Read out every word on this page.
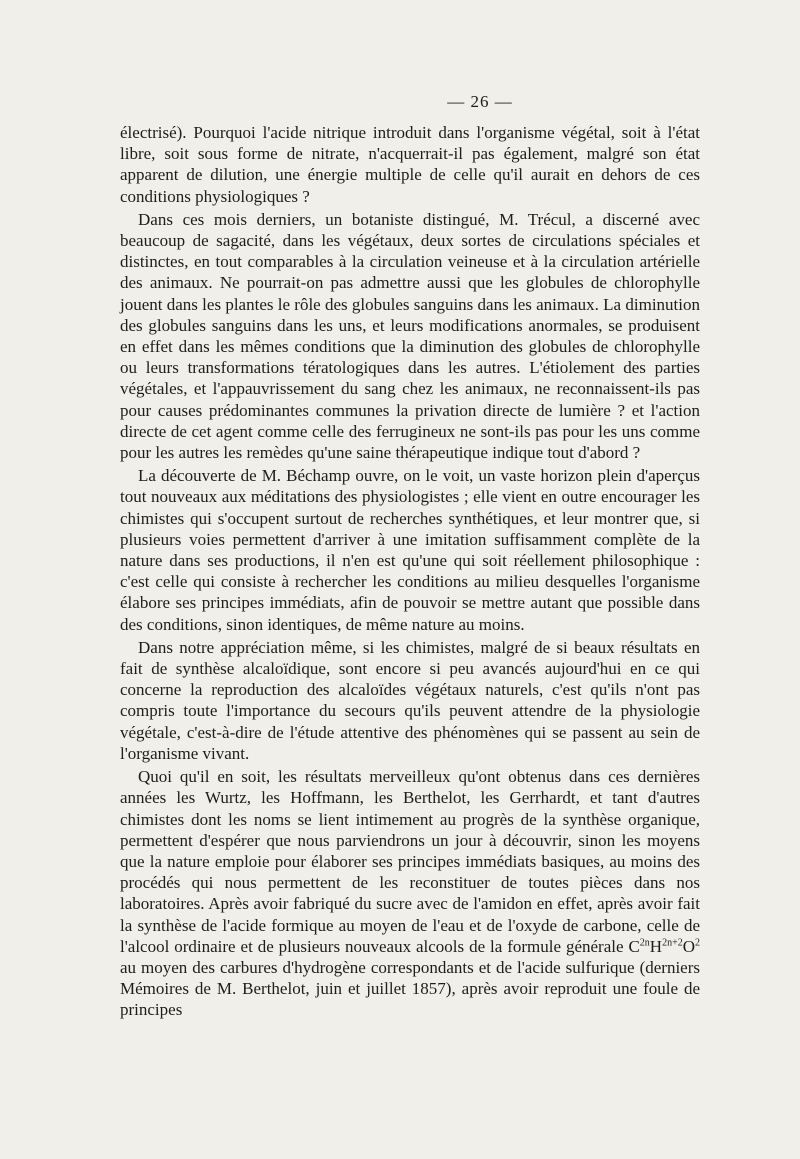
— 26 —

électrisé). Pourquoi l'acide nitrique introduit dans l'organisme végétal, soit à l'état libre, soit sous forme de nitrate, n'acquerrait-il pas également, malgré son état apparent de dilution, une énergie multiple de celle qu'il aurait en dehors de ces conditions physiologiques ?

Dans ces mois derniers, un botaniste distingué, M. Trécul, a discerné avec beaucoup de sagacité, dans les végétaux, deux sortes de circulations spéciales et distinctes, en tout comparables à la circulation veineuse et à la circulation artérielle des animaux. Ne pourrait-on pas admettre aussi que les globules de chlorophylle jouent dans les plantes le rôle des globules sanguins dans les animaux. La diminution des globules sanguins dans les uns, et leurs modifications anormales, se produisent en effet dans les mêmes conditions que la diminution des globules de chlorophylle ou leurs transformations tératologiques dans les autres. L'étiolement des parties végétales, et l'appauvrissement du sang chez les animaux, ne reconnaissent-ils pas pour causes prédominantes communes la privation directe de lumière ? et l'action directe de cet agent comme celle des ferrugineux ne sont-ils pas pour les uns comme pour les autres les remèdes qu'une saine thérapeutique indique tout d'abord ?

La découverte de M. Béchamp ouvre, on le voit, un vaste horizon plein d'aperçus tout nouveaux aux méditations des physiologistes ; elle vient en outre encourager les chimistes qui s'occupent surtout de recherches synthétiques, et leur montrer que, si plusieurs voies permettent d'arriver à une imitation suffisamment complète de la nature dans ses productions, il n'en est qu'une qui soit réellement philosophique : c'est celle qui consiste à rechercher les conditions au milieu desquelles l'organisme élabore ses principes immédiats, afin de pouvoir se mettre autant que possible dans des conditions, sinon identiques, de même nature au moins.

Dans notre appréciation même, si les chimistes, malgré de si beaux résultats en fait de synthèse alcaloïdique, sont encore si peu avancés aujourd'hui en ce qui concerne la reproduction des alcaloïdes végétaux naturels, c'est qu'ils n'ont pas compris toute l'importance du secours qu'ils peuvent attendre de la physiologie végétale, c'est-à-dire de l'étude attentive des phénomènes qui se passent au sein de l'organisme vivant.

Quoi qu'il en soit, les résultats merveilleux qu'ont obtenus dans ces dernières années les Wurtz, les Hoffmann, les Berthelot, les Gerrhardt, et tant d'autres chimistes dont les noms se lient intimement au progrès de la synthèse organique, permettent d'espérer que nous parviendrons un jour à découvrir, sinon les moyens que la nature emploie pour élaborer ses principes immédiats basiques, au moins des procédés qui nous permettent de les reconstituer de toutes pièces dans nos laboratoires. Après avoir fabriqué du sucre avec de l'amidon en effet, après avoir fait la synthèse de l'acide formique au moyen de l'eau et de l'oxyde de carbone, celle de l'alcool ordinaire et de plusieurs nouveaux alcools de la formule générale $C^{2n}H^{2n+2}O^2$ au moyen des carbures d'hydrogène correspondants et de l'acide sulfurique (derniers Mémoires de M. Berthelot, juin et juillet 1857), après avoir reproduit une foule de principes
